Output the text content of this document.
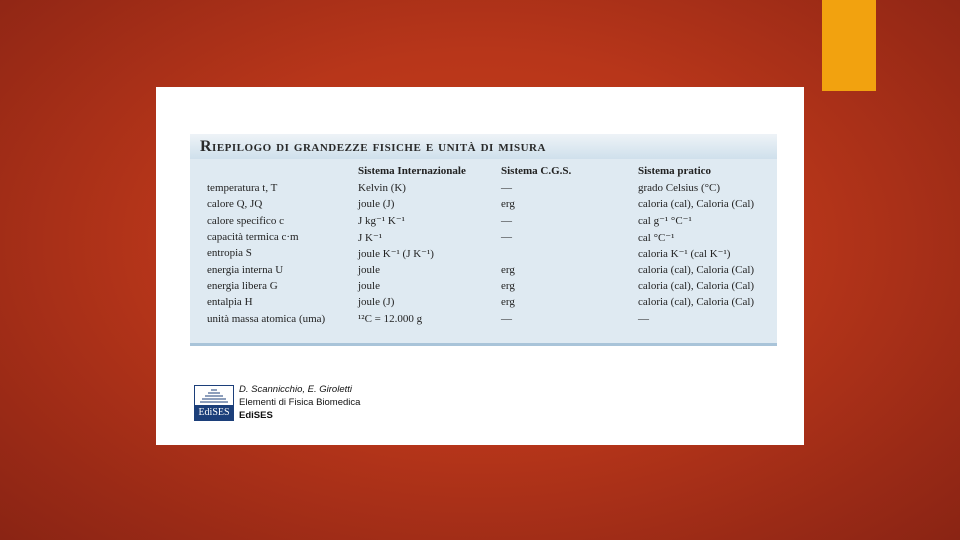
Riepilogo di grandezze fisiche e unità di misura
	Sistema Internazionale	Sistema C.G.S.	Sistema pratico
temperatura t, T	Kelvin (K)	—	grado Celsius (°C)
calore Q, JQ	joule (J)	erg	caloria (cal), Caloria (Cal)
calore specifico c	J kg⁻¹ K⁻¹	—	cal g⁻¹ °C⁻¹
capacità termica c·m	J K⁻¹	—	cal °C⁻¹
entropia S	joule K⁻¹ (J K⁻¹)		caloria K⁻¹ (cal K⁻¹)
energia interna U	joule	erg	caloria (cal), Caloria (Cal)
energia libera G	joule	erg	caloria (cal), Caloria (Cal)
entalpia H	joule (J)	erg	caloria (cal), Caloria (Cal)
unità massa atomica (uma)	¹²C = 12.000 g	—	—
EdiSES
D. Scannicchio, E. Giroletti
Elementi di Fisica Biomedica
EdiSES
